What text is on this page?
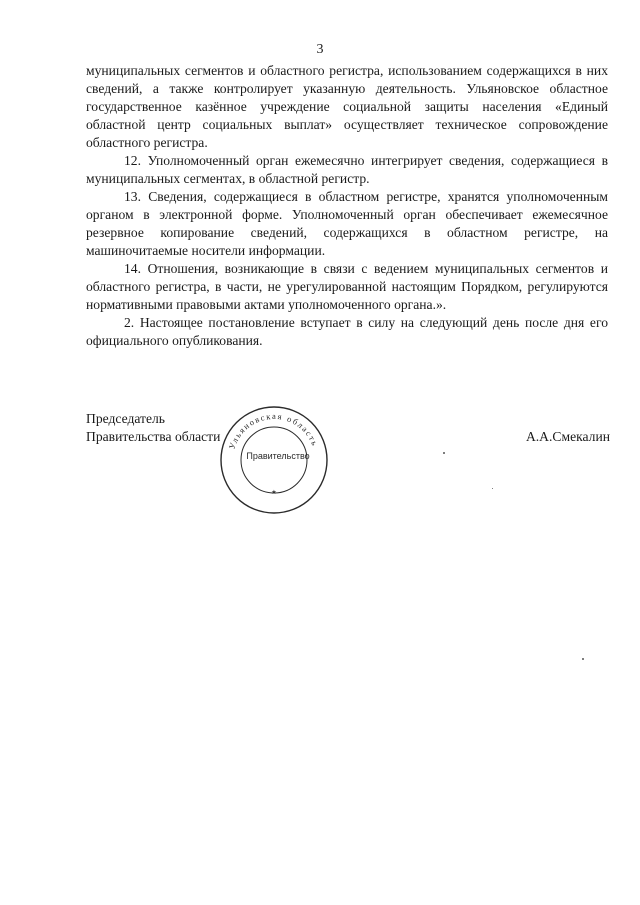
3

муниципальных сегментов и областного регистра, использованием содержащихся в них сведений, а также контролирует указанную деятельность. Ульяновское областное государственное казённое учреждение социальной защиты населения «Единый областной центр социальных выплат» осуществляет техническое сопровождение областного регистра.

12. Уполномоченный орган ежемесячно интегрирует сведения, содержащиеся в муниципальных сегментах, в областной регистр.

13. Сведения, содержащиеся в областном регистре, хранятся уполномоченным органом в электронной форме. Уполномоченный орган обеспечивает ежемесячное резервное копирование сведений, содержащихся в областном регистре, на машиночитаемые носители информации.

14. Отношения, возникающие в связи с ведением муниципальных сегментов и областного регистра, в части, не урегулированной настоящим Порядком, регулируются нормативными правовыми актами уполномоченного органа.».

2. Настоящее постановление вступает в силу на следующий день после дня его официального опубликования.

Председатель
Правительства области
Ульяновская область
Правительство
★
А.А.Смекалин
